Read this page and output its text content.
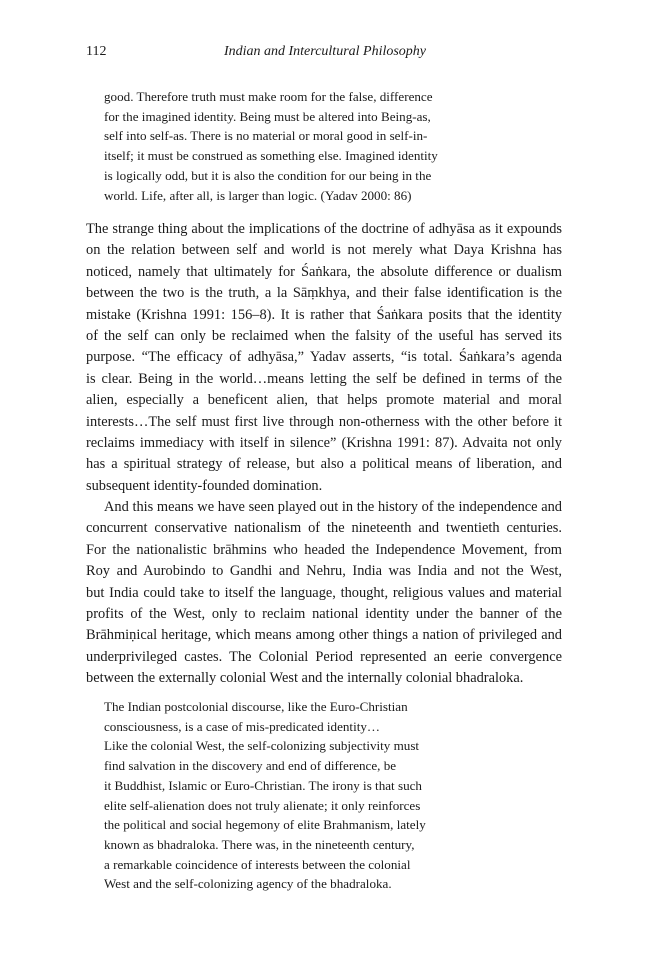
112	Indian and Intercultural Philosophy
good. Therefore truth must make room for the false, difference
for the imagined identity. Being must be altered into Being-as,
self into self-as. There is no material or moral good in self-in-
itself; it must be construed as something else. Imagined identity
is logically odd, but it is also the condition for our being in the
world. Life, after all, is larger than logic. (Yadav 2000: 86)
The strange thing about the implications of the doctrine of adhyāsa as it expounds
on the relation between self and world is not merely what Daya Krishna has
noticed, namely that ultimately for Śaṅkara, the absolute difference or dualism
between the two is the truth, a la Sāṃkhya, and their false identification is the
mistake (Krishna 1991: 156–8). It is rather that Śaṅkara posits that the identity
of the self can only be reclaimed when the falsity of the useful has served its
purpose. “The efficacy of adhyāsa,” Yadav asserts, “is total. Śaṅkara’s agenda
is clear. Being in the world…means letting the self be defined in terms of the
alien, especially a beneficent alien, that helps promote material and moral
interests…The self must first live through non-otherness with the other before it
reclaims immediacy with itself in silence” (Krishna 1991: 87). Advaita not only
has a spiritual strategy of release, but also a political means of liberation, and
subsequent identity-founded domination.
And this means we have seen played out in the history of the independence and
concurrent conservative nationalism of the nineteenth and twentieth centuries.
For the nationalistic brāhmins who headed the Independence Movement, from
Roy and Aurobindo to Gandhi and Nehru, India was India and not the West,
but India could take to itself the language, thought, religious values and material
profits of the West, only to reclaim national identity under the banner of the
Brāhmiṇical heritage, which means among other things a nation of privileged and
underprivileged castes. The Colonial Period represented an eerie convergence
between the externally colonial West and the internally colonial bhadraloka.
The Indian postcolonial discourse, like the Euro-Christian
consciousness, is a case of mis-predicated identity…
Like the colonial West, the self-colonizing subjectivity must
find salvation in the discovery and end of difference, be
it Buddhist, Islamic or Euro-Christian. The irony is that such
elite self-alienation does not truly alienate; it only reinforces
the political and social hegemony of elite Brahmanism, lately
known as bhadraloka. There was, in the nineteenth century,
a remarkable coincidence of interests between the colonial
West and the self-colonizing agency of the bhadraloka.
